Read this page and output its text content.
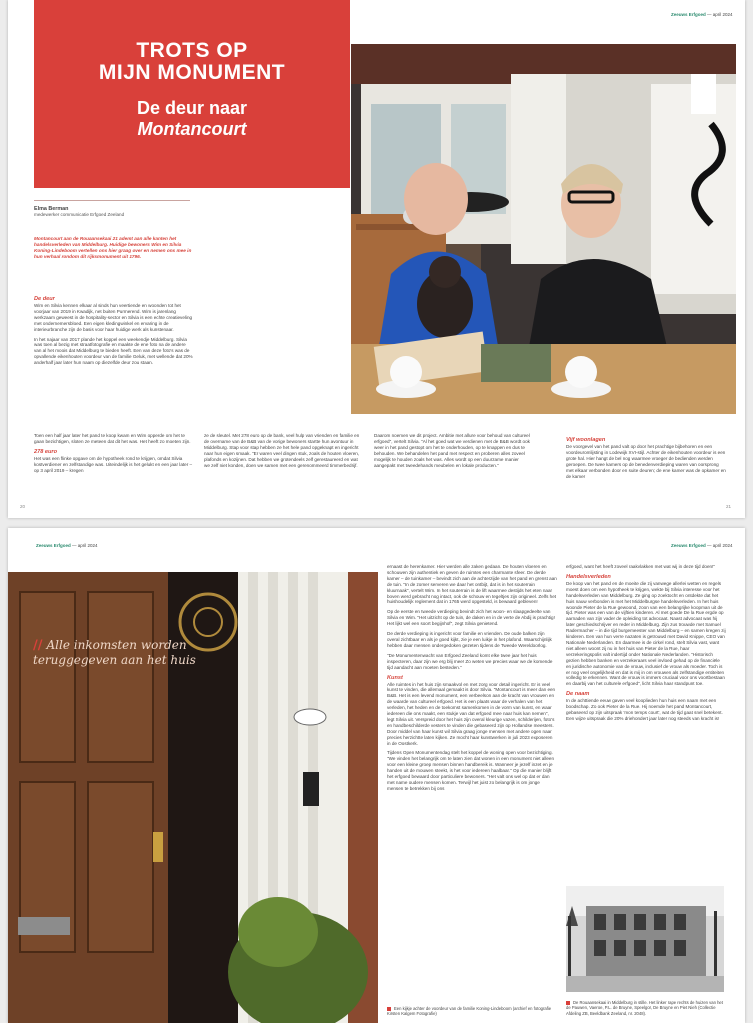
TROTS OP
MIJN MONUMENT
De deur naar
Montancourt
Zeeuws Erfgoed — april 2024
Elma Berman
medewerker communicatie Erfgoed Zeeland
Montancourt aan de Rouaansekaai 21 ademt aan alle kanten het handelsverleden van Middelburg. Huidige bewoners Wim en Silvia Koning-Lindeboom vertellen ons hier graag over en nemen ons mee in hun verhaal rondom dit rijksmonument uit 1796.
De deur

Wim en Silvia kennen elkaar al sinds hun veertiende en woonden tot het voorjaar van 2019 in Kwadijk, net buiten Purmerend. Wim is jarenlang werkzaam geweest in de hospitality-sector en Silvia is een echte creatieveling met ondernemersbloed. Een eigen kledingwinkel en ervaring in de interieurbranche zijn de basis voor haar huidige werk als kunstenaar.

In het najaar van 2017 plande het koppel een weekendje Middelburg. Silvia was toen al bezig met straatfotografie en maakte de ene foto na de andere van al het moois dat Middelburg te bieden heeft. Een van deze foto's was de opvallende eikenhouten voordeur van de familie Geluk, met wellende dat 20% anderhalf jaar later hun naam op diezelfde deur zou staan.

Toen een half jaar later het pand te koop kwam en Wim opperde om het te gaan bezichtigen, sloten ze meteen dat dit het was. Het heeft zo moeten zijn.

278 euro

Het was een flinke opgave om de hypotheek rond te krijgen, omdat Silvia kostverdiener en zelfstandige was. Uiteindelijk is het gelukt en een jaar later – op 3 april 2019 – kregen

ze de sleutel. Met 278 euro op de bank, veel hulp van vrienden en familie en de overname van de B&B van de vorige bewoners startte hun avontuur in Middelburg. Stap voor stap hebben ze het hele pand opgeknapt en ingericht naar hun eigen smaak. "Er waren veel dingen stuk, zoals de houten vloeren, plafonds en kozijnen. Dat hebben we grotendeels zelf gerestaureerd en wat we zelf niet konden, doen we samen met een gerenommeerd timmerbedrijf.

Daarom noemen we dit project. Ambitie met allure voor behoud van cultureel erfgoed", vertelt Silvia. "Al het goed wat we verdienen met de B&B wordt ook weer in het pand gestopt om het te onderhouden, op te knappen en dus te behouden. We behandelen het pand met respect en proberen alles zoveel mogelijk te houden zoals het was. Alles wordt op een duurzame manier aangepakt met tweedehands meubelen en lokale producten."

Vijf woonlagen

De voorgevel van het pand valt op door het prachtige bijbehoren en een voordeuromlijsting in Lodewijk XVI-stijl. Achter de eikenhouten voordeur is een grote hal. Hier hangt de bel nog waarmee vroeger de bedienden werden geroepen. De twee kamers op de benedenverdieping waren van oorsprong met elkaar verbonden door en suite deuren; de ene kamer was de opkamer en de kamer

20	21
Zeeuws Erfgoed — april 2024	Zeeuws Erfgoed — april 2024
// Alle inkomsten worden teruggegeven aan het huis

ernaast de herenkamer. Hier werden alle zaken gedaan. De houten vloeren en schouwen zijn authentiek en geven de ruimtes een charmante sfeer. De derde kamer – de tuinkamer – bevindt zich aan de achterzijde van het pand en grenst aan de tuin. "In de zomer serveren we daar het ontbijt, dat is in het souterrain kluurnaak", vertelt Wim. In het souterrain is de lift waarmee destijds het eten naar boven werd gebracht nog intact, ook de schouw en tegeltjes zijn origineel. Zelfs het huishoudelijk reglement dat in 1765 werd opgesteld, is bewaard gebleven!

Op de eerste en tweede verdieping bevindt zich het woon- en slaapgedeelte van Silvia en Wim. "Het uitzicht op de tuin, de daken en in de verte de Abdij is prachtig! Het lijkt wel een soort begijnhof", zegt Silvia genietend.

De derde verdieping is ingericht voor familie en vrienden. De oude balken zijn overal zichtbaar en als je goed kijkt, zie je een luikje in het plafond. Waarschijnlijk hebben daar mensen ondergedoken gezeten tijdens de Tweede Wereldoorlog.

"De Monumentenwacht van Erfgoed Zeeland komt elke twee jaar het huis inspecteren, daar zijn we erg blij mee! Zo weten we precies waar we de komende tijd aandacht aan moeten besteden."

Kunst

Alle ruimtes in het huis zijn smaakvol en met zorg voor detail ingericht. Er is veel kunst te vinden, die allemaal gemaakt is door Silvia. "Montancourt is meer dan een B&B. Het is een levend monument, een verbeelson aan de kracht van vrouwen en de waarde van cultureel erfgoed. Het is een plaats waar de verhalen van het verleden, het heden en de toekomst samenkomen in de vorm van kunst, en waar iedereen die ons maakt, een stukje van dat erfgoed mee naar huis kan nemen", legt Silvia uit. Verspreid door het huis zijn overal kleurige vazen, schilderijen, foto's en handbeschilderde vesters te vinden die gebaseerd zijn op Hollandse meesters. Door middel van haar kunst wil Silvia graag jonge mensen met andere ogen naar precies herzichtte laten kijken. Ze mocht haar kunstwerken in juli 2023 exposeren in de Oostkerk.

Tijdens Open Monumentendag stelt het koppel de woning open voor bezichtiging. "We vinden het belangrijk om te laten zien dat wonen in een monument niet alleen voor een kleine groep mensen binnen handbereik is. Wanneer je jezelf inzet en je handen uit de mouwen steekt, is het voor iedereen haalbaar." Op die manier blijft het erfgoed bewaard door particuliere bewoners. "Het valt ons wel op dat er dan met name oudere mensen komen. Terwijl het juist zo belangrijk is om jonge mensen te betrekken bij ons

erfgoed, want het heeft zoveel raakvlakken met wat wij in deze tijd doen!"

Handelsverleden

De koop van het pand en de moeite die zij vanwege allerlei wetten en regels moest doen om een hypotheek te krijgen, wekte bij Silvia interesse voor het handelsverleden van Middelburg. Ze ging op zoektocht en ontdekte dat het huis nauw verbonden is met het Middelburgse handelsverleden. In het huis woonde Pieter de la Rue gewoond, zoon van een belangrijke koopman uit de tijd. Pieter was een van de vijftien kinderen. Al met goede De la Rue ergde op aarnaden van zijn vader de opleiding tot advocaat. Naast advocaat was hij later geschiedschrijver en reder in Middelburg. Zijn zus trouwde met Samuel Radermacher – in die tijd burgemeester van Middelburg – en samen kregen zij kinderen. Een van hun verre nazaten is getrouwd met David Knippe, CEO van Nationale Nederlanden. En daarmee is de cirkel rond, stelt Silvia vast, want niet alleen woont zij nu in het huis van Pieter de la Rue, haar verzekeringspolis valt indertijd onder Nationale Nederlanden. "Historisch gezien hebben banken en verzekeraars veel invloed gehad op de financiële en juridische autonomie van de vrouw, inclusief de vrouw als moeder. Toch is er nog veel ongelijkheid en dat is mij in om vrouwen als zelfstandige entiteiten volledig te erkennen. Want de vrouw is immers cruciaal voor ons voortbestaan en daarbij van het culturele erfgoed", licht Silvia haar standpunt toe.

De naam

In de achttiende eeuw gaven veel kooplieden hun huis een naam met een boodschap. Zo ook Pieter de la Rue. Hij noemde het pand Montancourt, gebaseerd op zijn uitspraak 'mon temps court', wat de tijd gaat snel betekent. Een wijze uitspraak die 20% driehondert jaar later nog steeds van kracht is!

Een kijkje achter de voordeur van de familie Koning-Lindeboom (archief en fotografie Kirsten Kalgem Fotografie)
De Rouaansekaai in Middelburg in stille. Het linker rape rechts de huizen van het de Pauwen, Vaeroe, P.L. de Bruyne, Speelgor, De Bruyne en Piet Nieh (Collectie Afdeling ZB, Beeldbank Zeeland, nr. 2048).
